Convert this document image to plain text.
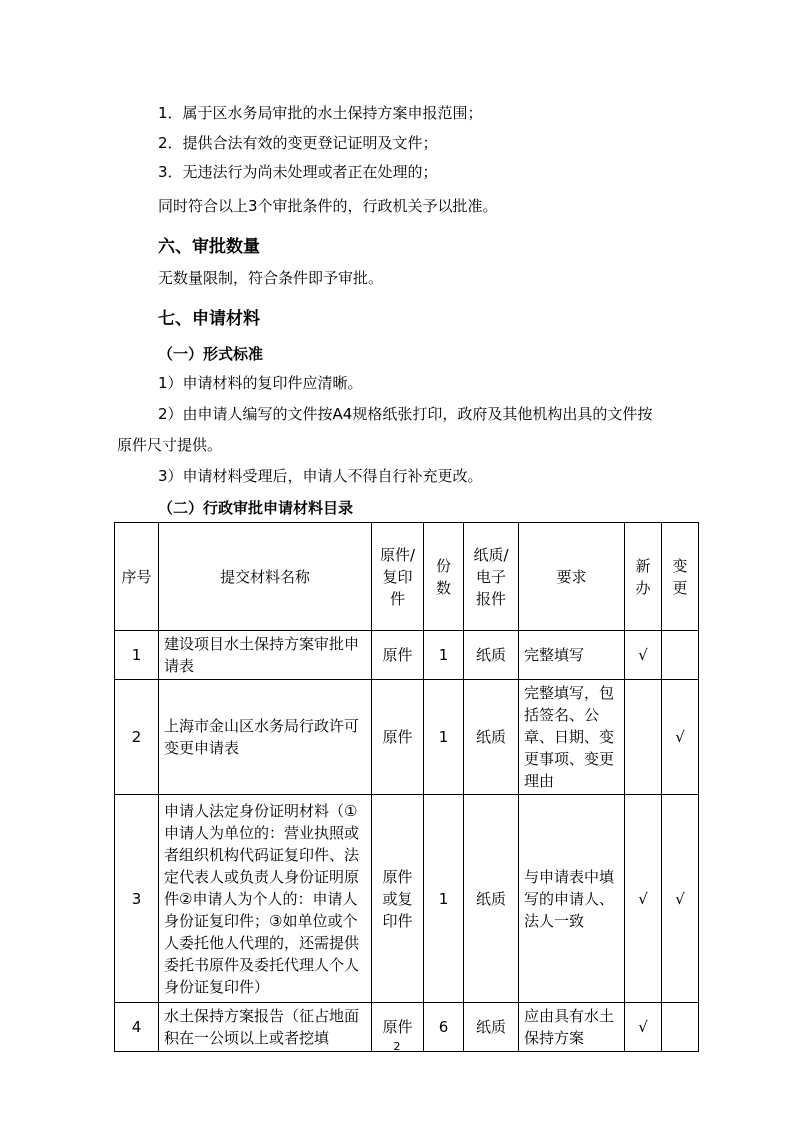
1．属于区水务局审批的水土保持方案申报范围；
2．提供合法有效的变更登记证明及文件；
3．无违法行为尚未处理或者正在处理的；
同时符合以上3个审批条件的，行政机关予以批准。
六、审批数量
无数量限制，符合条件即予审批。
七、申请材料
（一）形式标准
1）申请材料的复印件应清晰。
2）由申请人编写的文件按A4规格纸张打印，政府及其他机构出具的文件按
原件尺寸提供。
3）申请材料受理后，申请人不得自行补充更改。
（二）行政审批申请材料目录
序号	提交材料名称	原件/复印件	份数	纸质/电子报件	要求	新办	变更
1	建设项目水土保持方案审批申请表	原件	1	纸质	完整填写	√	
2	上海市金山区水务局行政许可变更申请表	原件	1	纸质	完整填写，包括签名、公章、日期、变更事项、变更理由		√
3	申请人法定身份证明材料（①申请人为单位的：营业执照或者组织机构代码证复印件、法定代表人或负责人身份证明原件②申请人为个人的：申请人身份证复印件；③如单位或个人委托他人代理的，还需提供委托书原件及委托代理人个人身份证复印件）	原件或复印件	1	纸质	与申请表中填写的申请人、法人一致	√	√
4	水土保持方案报告（征占地面积在一公顷以上或者挖填	原件	6	纸质	应由具有水土保持方案	√	
2
